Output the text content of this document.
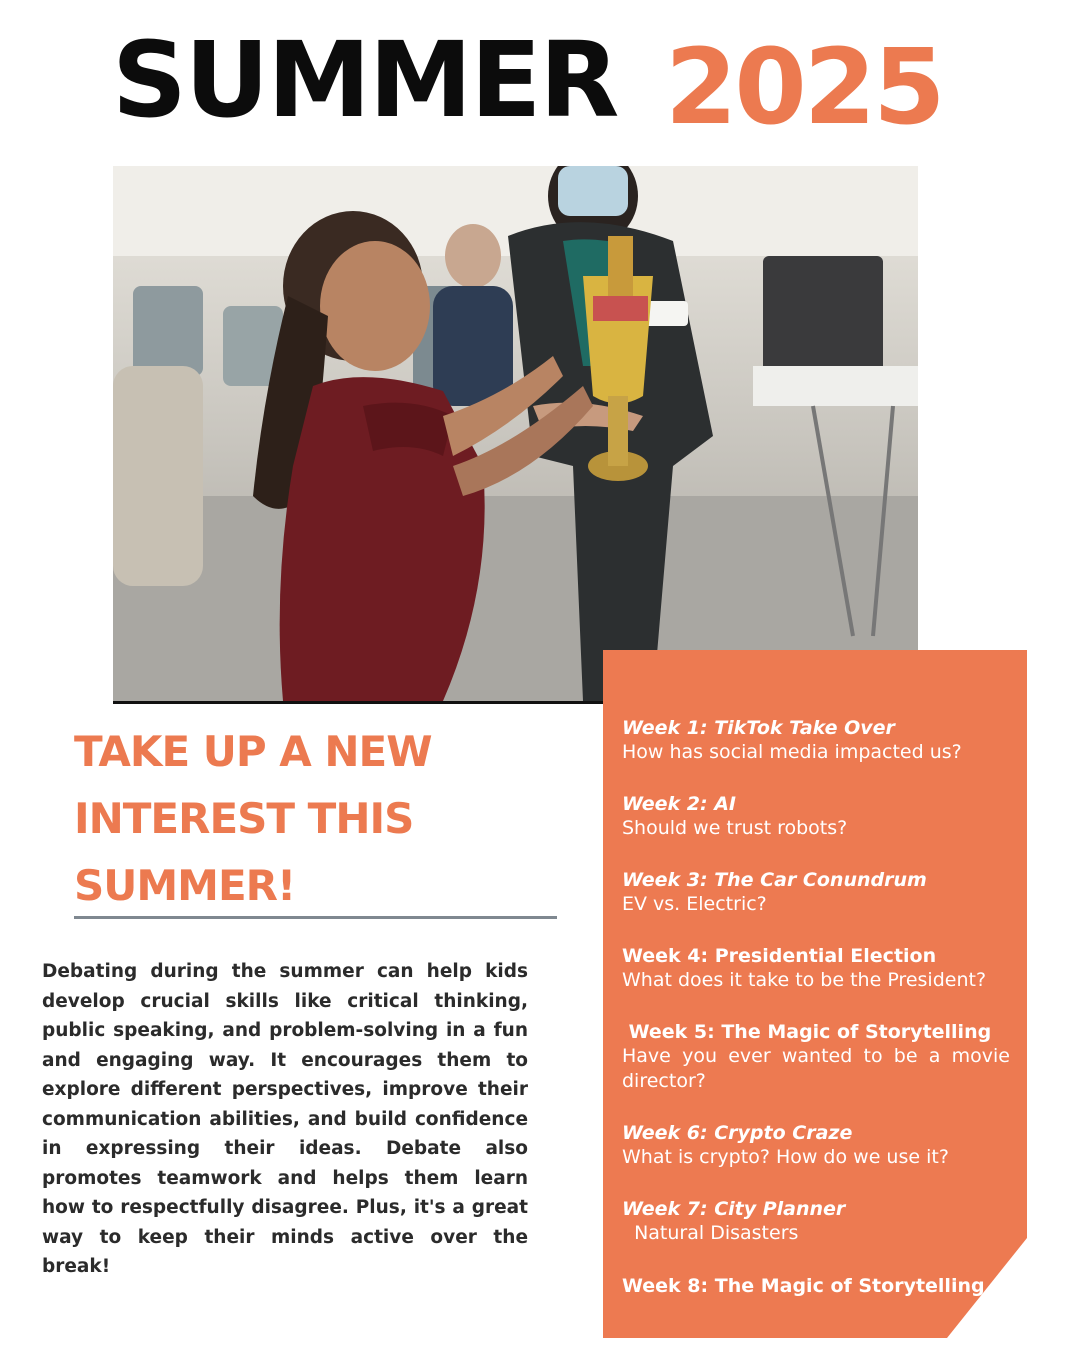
SUMMER 2025
TAKE UP A NEW
INTEREST THIS
SUMMER!
Debating during the summer can help kids develop crucial skills like critical thinking, public speaking, and problem-solving in a fun and engaging way. It encourages them to explore different perspectives, improve their communication abilities, and build confidence in expressing their ideas. Debate also promotes teamwork and helps them learn how to respectfully disagree. Plus, it's a great way to keep their minds active over the break!
Week 1: TikTok Take Over
How has social media impacted us?
Week 2: AI
Should we trust robots?
Week 3: The Car Conundrum
EV vs. Electric?
Week 4: Presidential Election
What does it take to be the President?
Week 5: The Magic of Storytelling
Have you ever wanted to be a movie director?
Week 6: Crypto Craze
What is crypto? How do we use it?
Week 7: City Planner
Natural Disasters
Week 8: The Magic of Storytelling
